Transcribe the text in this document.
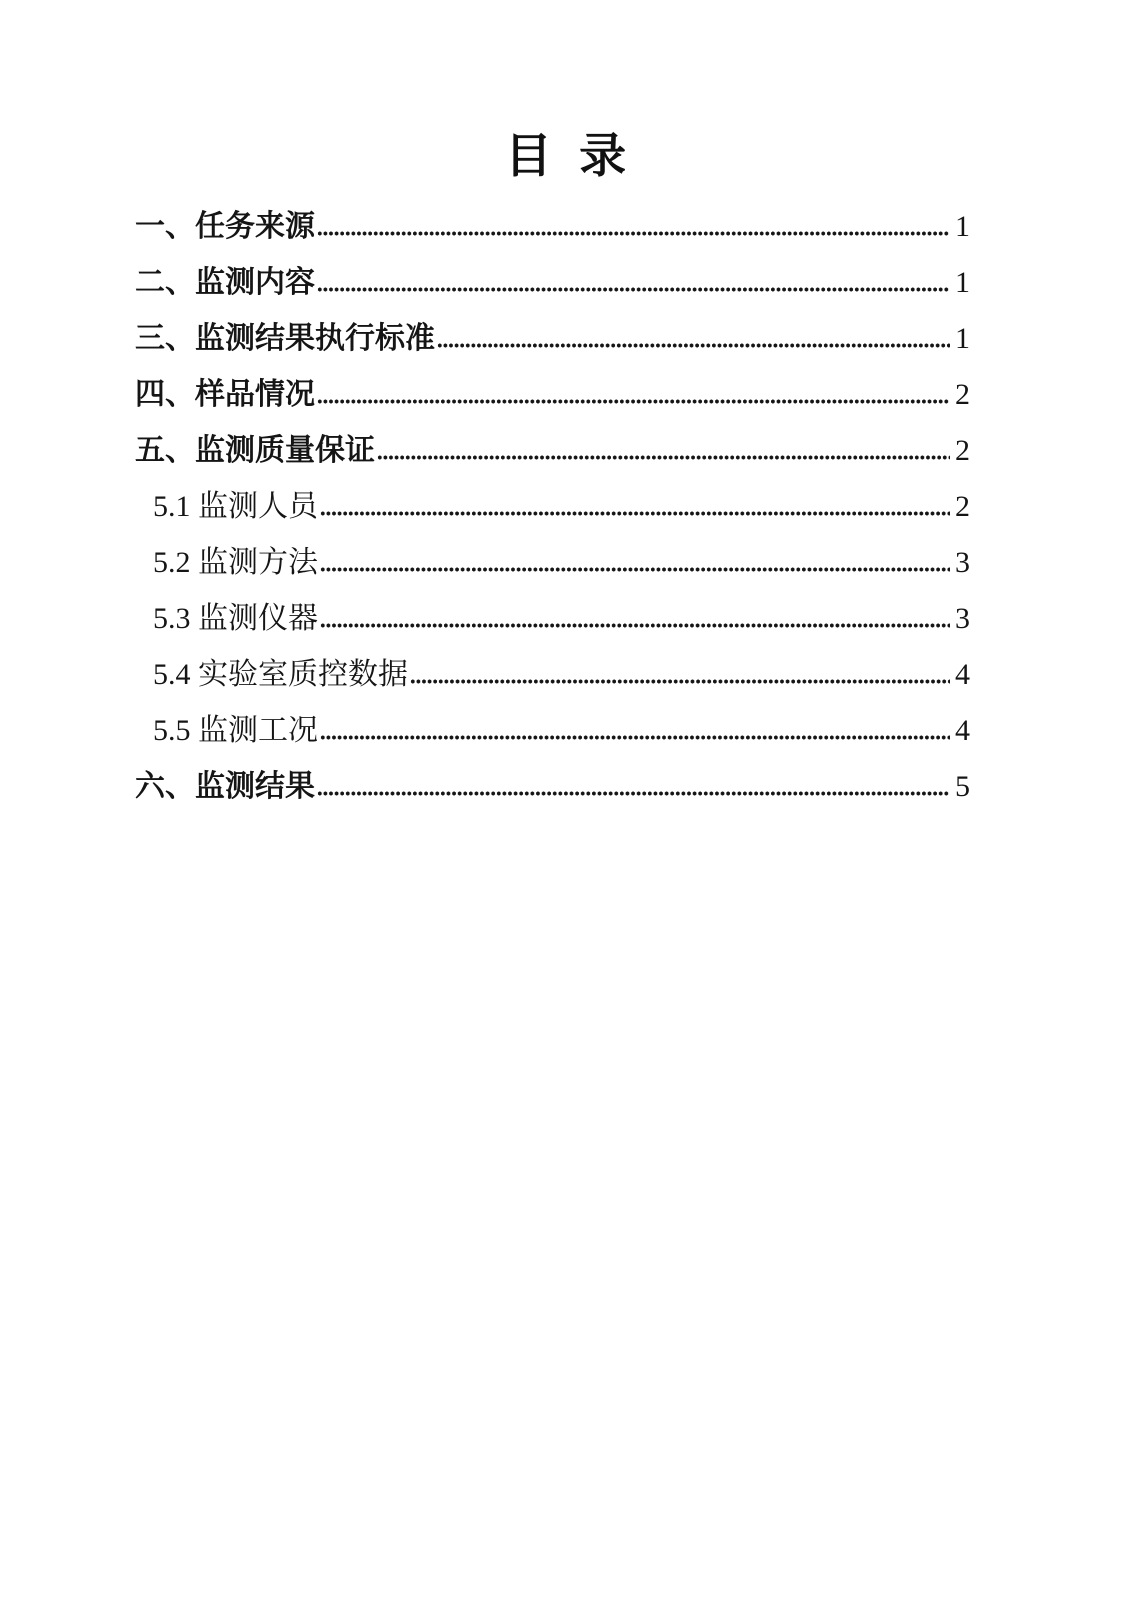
目录
一、任务来源	1
二、监测内容	1
三、监测结果执行标准	1
四、样品情况	2
五、监测质量保证	2
5.1 监测人员	2
5.2 监测方法	3
5.3 监测仪器	3
5.4 实验室质控数据	4
5.5 监测工况	4
六、监测结果	5
